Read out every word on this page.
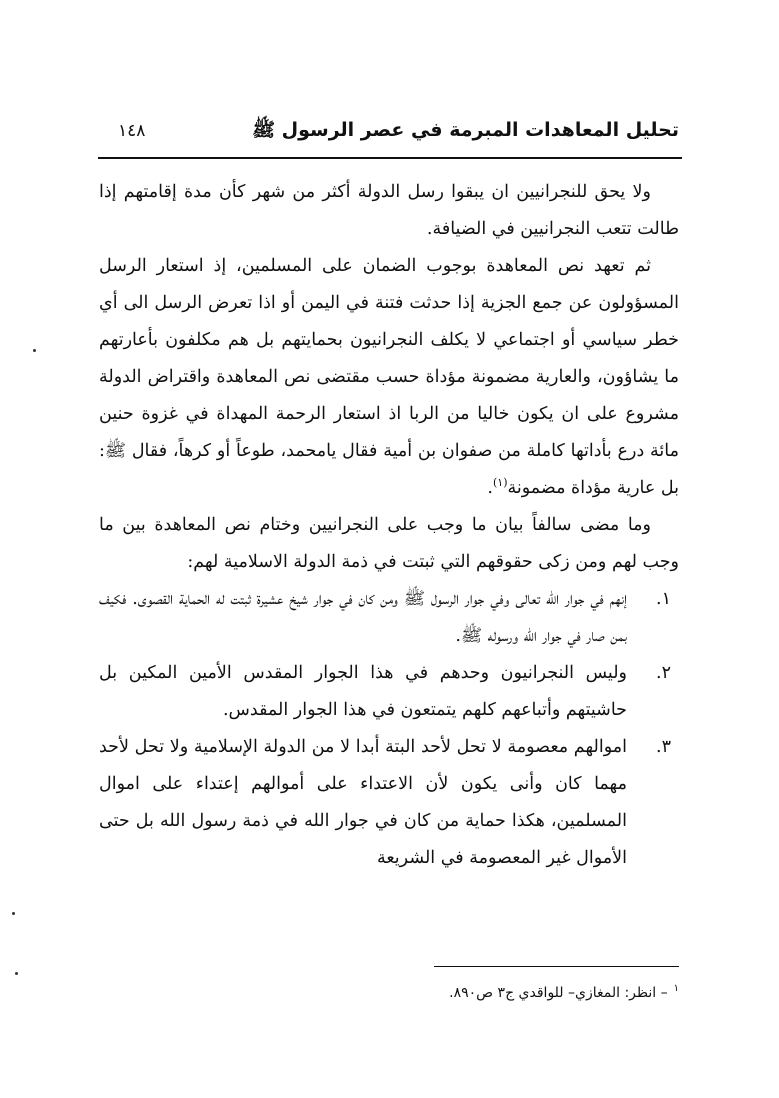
تحليل المعاهدات المبرمة في عصر الرسول ﷺ
١٤٨

ولا يحق للنجرانيين ان يبقوا رسل الدولة أكثر من شهر كأن مدة إقامتهم إذا طالت تتعب النجرانيين في الضيافة.

ثم تعهد نص المعاهدة بوجوب الضمان على المسلمين، إذ استعار الرسل المسؤولون عن جمع الجزية إذا حدثت فتنة في اليمن أو اذا تعرض الرسل الى أي خطر سياسي أو اجتماعي لا يكلف النجرانيون بحمايتهم بل هم مكلفون بأعارتهم ما يشاؤون، والعارية مضمونة مؤداة حسب مقتضى نص المعاهدة واقتراض الدولة مشروع على ان يكون خاليا من الربا اذ استعار الرحمة المهداة في غزوة حنين مائة درع بأداتها كاملة من صفوان بن أمية فقال يامحمد، طوعاً أو كرهاً، فقال ﷺ: بل عارية مؤداة مضمونة$^{(١)}$.

وما مضى سالفاً بيان ما وجب على النجرانيين وختام نص المعاهدة بين ما وجب لهم ومن زكى حقوقهم التي ثبتت في ذمة الدولة الاسلامية لهم:

١.
إنهم في جوار الله تعالى وفي جوار الرسول ﷺ ومن كان في جوار شيخ عشيرة ثبتت له الحماية القصوى. فكيف بمن صار في جوار الله ورسوله ﷺ.
٢.
وليس النجرانيون وحدهم في هذا الجوار المقدس الأمين المكين بل حاشيتهم وأتباعهم كلهم يتمتعون في هذا الجوار المقدس.
٣.
اموالهم معصومة لا تحل لأحد البتة أبدا لا من الدولة الإسلامية ولا تحل لأحد مهما كان وأنى يكون لأن الاعتداء على أموالهم إعتداء على اموال المسلمين، هكذا حماية من كان في جوار الله في ذمة رسول الله بل حتى الأموال غير المعصومة في الشريعة
$^١$– انظر: المغازي– للواقدي ج٣ ص٨٩٠.
